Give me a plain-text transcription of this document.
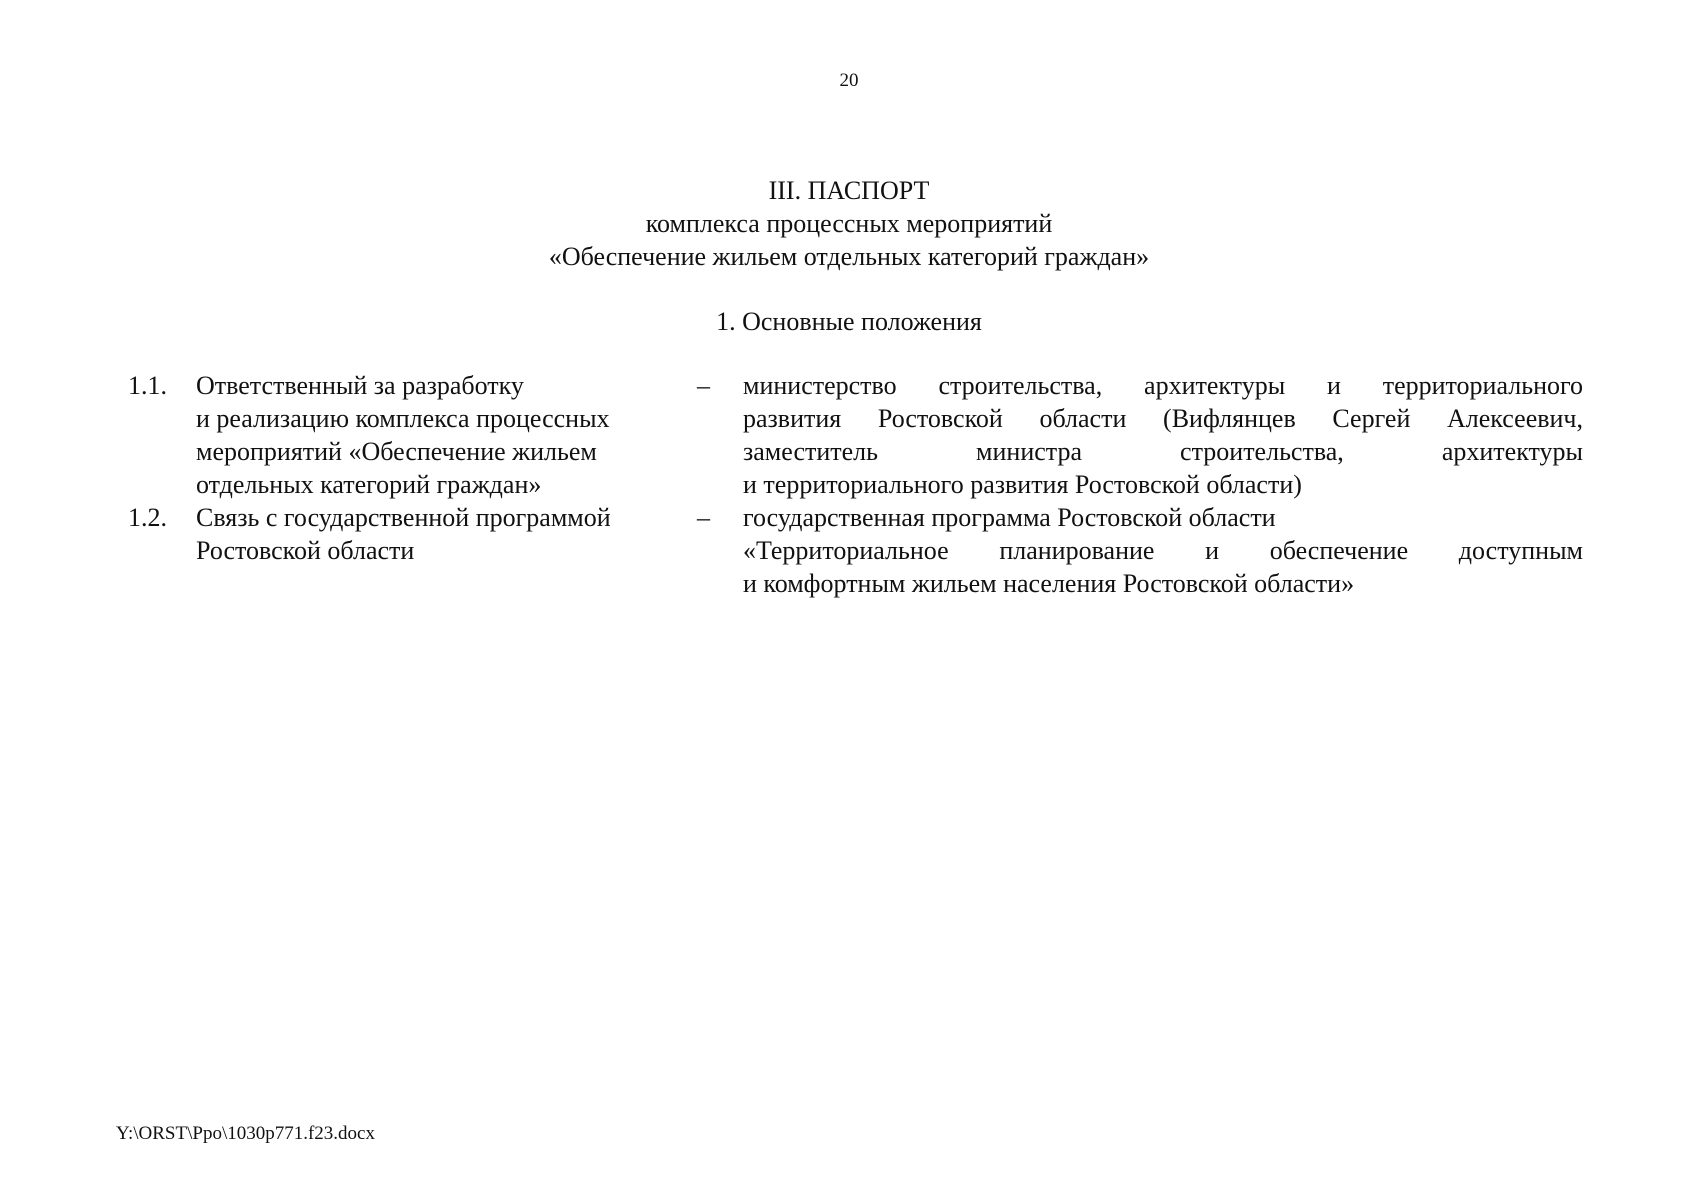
20
III. ПАСПОРТ
комплекса процессных мероприятий
«Обеспечение жильем отдельных категорий граждан»
1. Основные положения
1.1. Ответственный за разработку
и реализацию комплекса процессных
мероприятий «Обеспечение жильем
отдельных категорий граждан»
– министерство строительства, архитектуры и территориального
развития Ростовской области (Вифлянцев Сергей Алексеевич,
заместитель министра строительства, архитектуры
и территориального развития Ростовской области)
1.2. Связь с государственной программой
Ростовской области
– государственная программа Ростовской области
«Территориальное планирование и обеспечение доступным
и комфортным жильем населения Ростовской области»
Y:\ORST\Ppo\1030p771.f23.docx
